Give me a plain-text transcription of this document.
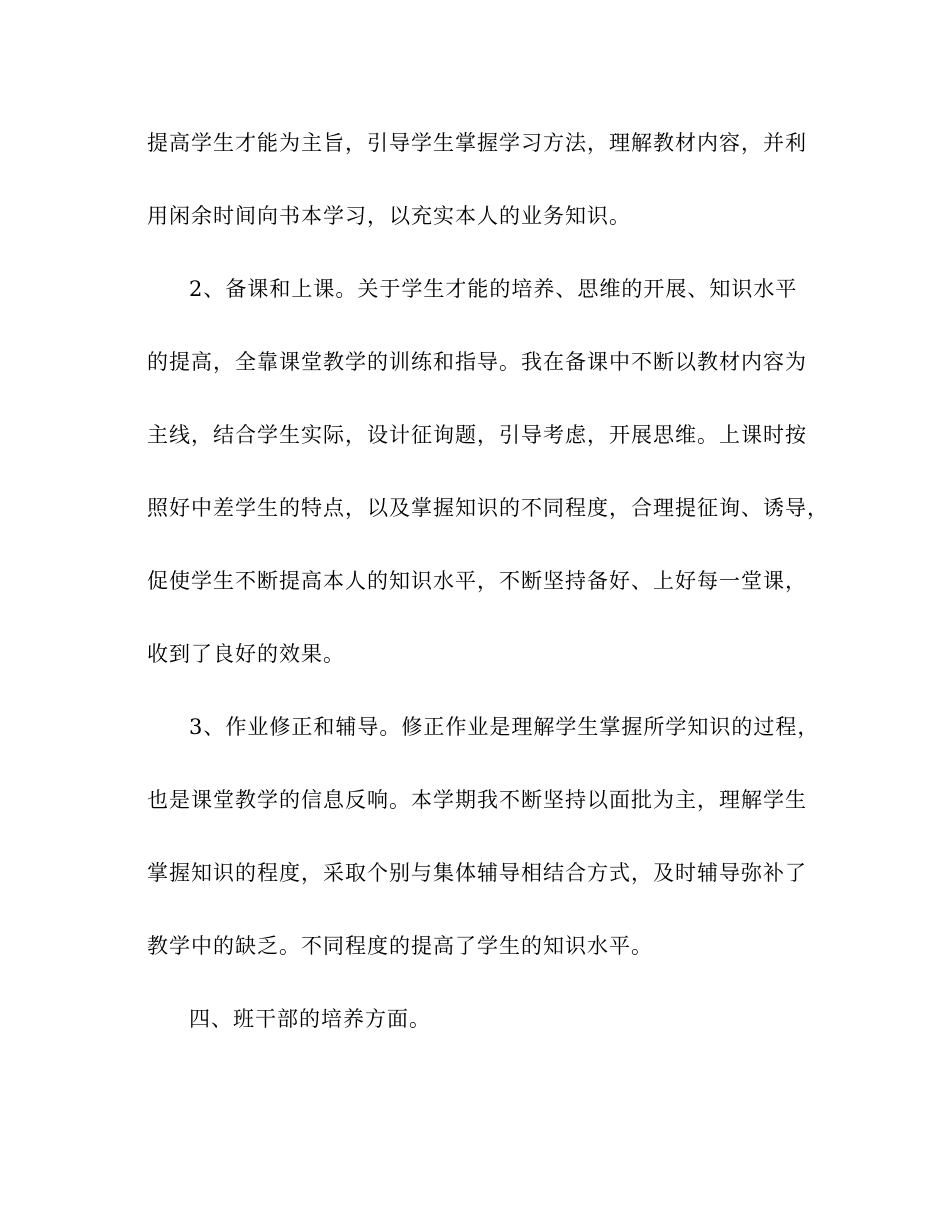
提高学生才能为主旨，引导学生掌握学习方法，理解教材内容，并利
用闲余时间向书本学习，以充实本人的业务知识。
2、备课和上课。关于学生才能的培养、思维的开展、知识水平
的提高，全靠课堂教学的训练和指导。我在备课中不断以教材内容为
主线，结合学生实际，设计征询题，引导考虑，开展思维。上课时按
照好中差学生的特点，以及掌握知识的不同程度，合理提征询、诱导，
促使学生不断提高本人的知识水平，不断坚持备好、上好每一堂课，
收到了良好的效果。
3、作业修正和辅导。修正作业是理解学生掌握所学知识的过程，
也是课堂教学的信息反响。本学期我不断坚持以面批为主，理解学生
掌握知识的程度，采取个别与集体辅导相结合方式，及时辅导弥补了
教学中的缺乏。不同程度的提高了学生的知识水平。
四、班干部的培养方面。
